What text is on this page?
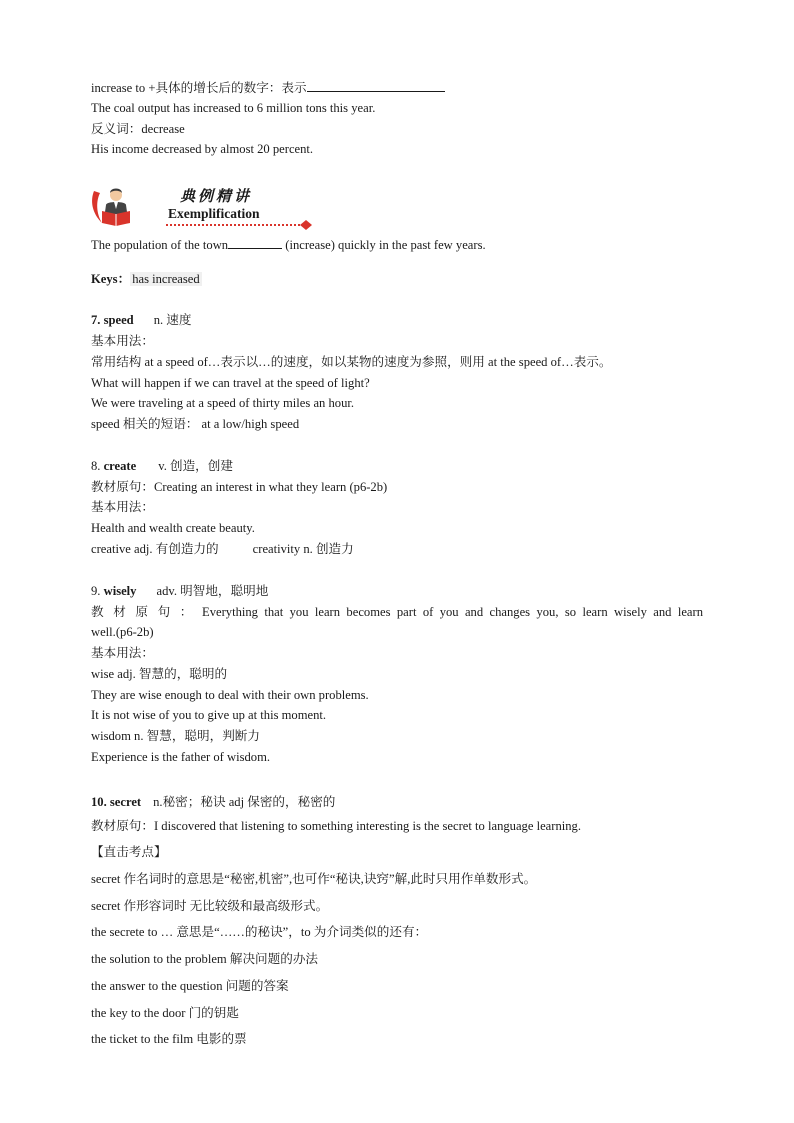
increase to +具体的增长后的数字：表示
The coal output has increased to 6 million tons this year.
反义词：decrease
His income decreased by almost 20 percent.
典例精讲
Exemplification
The population of the town	(increase) quickly in the past few years.
Keys： has increased
7. speed n. 速度
基本用法：
常用结构 at a speed of…表示以…的速度，如以某物的速度为参照，则用 at the speed of…表示。
What will happen if we can travel at the speed of light?
We were traveling at a speed of thirty miles an hour.
speed 相关的短语： at a low/high speed
8. create v. 创造，创建
教材原句：Creating an interest in what they learn (p6-2b)
基本用法：
Health and wealth create beauty.
creative adj. 有创造力的	creativity n. 创造力
9. wisely adv. 明智地，聪明地
教 材 原 句 ： Everything that you learn becomes part of you and changes you, so learn wisely and learn
well.(p6-2b)
基本用法：
wise adj. 智慧的，聪明的
They are wise enough to deal with their own problems.
It is not wise of you to give up at this moment.
wisdom n. 智慧，聪明，判断力
Experience is the father of wisdom.
10. secret n.秘密；秘诀 adj 保密的，秘密的
教材原句：I discovered that listening to something interesting is the secret to language learning.
【直击考点】
secret 作名词时的意思是“秘密,机密”,也可作“秘诀,诀窍”解,此时只用作单数形式。
secret 作形容词时 无比较级和最高级形式。
the secrete to … 意思是“……的秘诀”，to 为介词类似的还有：
the solution to the problem 解决问题的办法
the answer to the question 问题的答案
the key to the door 门的钥匙
the ticket to the film 电影的票
